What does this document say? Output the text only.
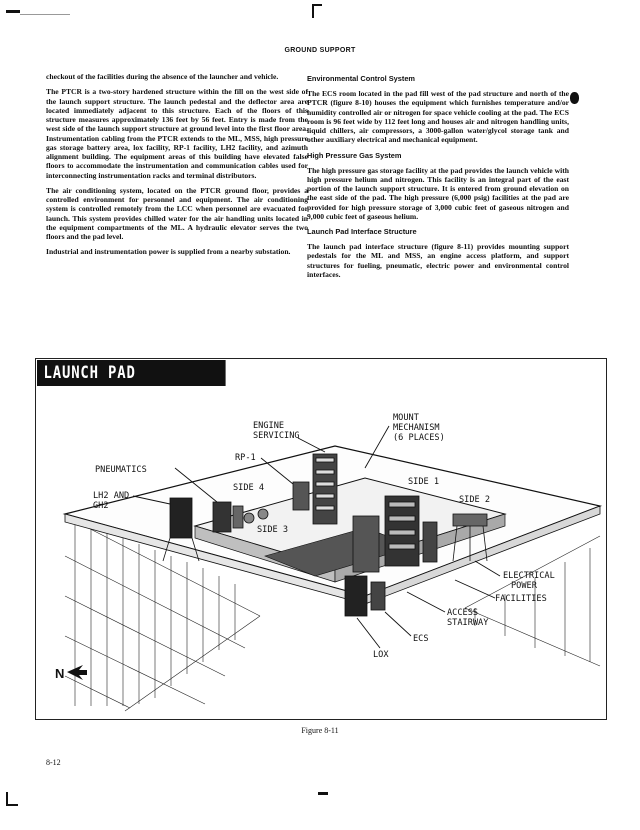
GROUND SUPPORT

checkout of the facilities during the absence of the launcher and vehicle.

The PTCR is a two-story hardened structure within the fill on the west side of the launch support structure. The launch pedestal and the deflector area are located immediately adjacent to this structure. Each of the floors of this structure measures approximately 136 feet by 56 feet. Entry is made from the west side of the launch support structure at ground level into the first floor area. Instrumentation cabling from the PTCR extends to the ML, MSS, high pressure gas storage battery area, lox facility, RP-1 facility, LH2 facility, and azimuth alignment building. The equipment areas of this building have elevated false floors to accommodate the instrumentation and communication cables used for interconnecting instrumentation racks and terminal distributors.

The air conditioning system, located on the PTCR ground floor, provides a controlled environment for personnel and equipment. The air conditioning system is controlled remotely from the LCC when personnel are evacuated for launch. This system provides chilled water for the air handling units located in the equipment compartments of the ML. A hydraulic elevator serves the two floors and the pad level.

Industrial and instrumentation power is supplied from a nearby substation.

Environmental Control System

The ECS room located in the pad fill west of the pad structure and north of the PTCR (figure 8-10) houses the equipment which furnishes temperature and/or humidity controlled air or nitrogen for space vehicle cooling at the pad. The ECS room is 96 feet wide by 112 feet long and houses air and nitrogen handling units, liquid chillers, air compressors, a 3000-gallon water/glycol storage tank and other auxiliary electrical and mechanical equipment.

High Pressure Gas System

The high pressure gas storage facility at the pad provides the launch vehicle with high pressure helium and nitrogen. This facility is an integral part of the east portion of the launch support structure. It is entered from ground elevation on the east side of the pad. The high pressure (6,000 psig) facilities at the pad are provided for high pressure storage of 3,000 cubic feet of gaseous nitrogen and 9,000 cubic feet of gaseous helium.

Launch Pad Interface Structure

The launch pad interface structure (figure 8-11) provides mounting support pedestals for the ML and MSS, an engine access platform, and support structures for fueling, pneumatic, electric power and environmental control interfaces.

LAUNCH PAD INTERFACE SYSTEM
ENGINE
SERVICING
MOUNT
MECHANISM
(6 PLACES)
RP-1
PNEUMATICS
SIDE 4
SIDE 1
SIDE 2
SIDE 3
LH2 AND
GH2
ELECTRICAL
POWER
FACILITIES
ACCESS
STAIRWAY
ECS
LOX
N
Figure 8-11
8-12
